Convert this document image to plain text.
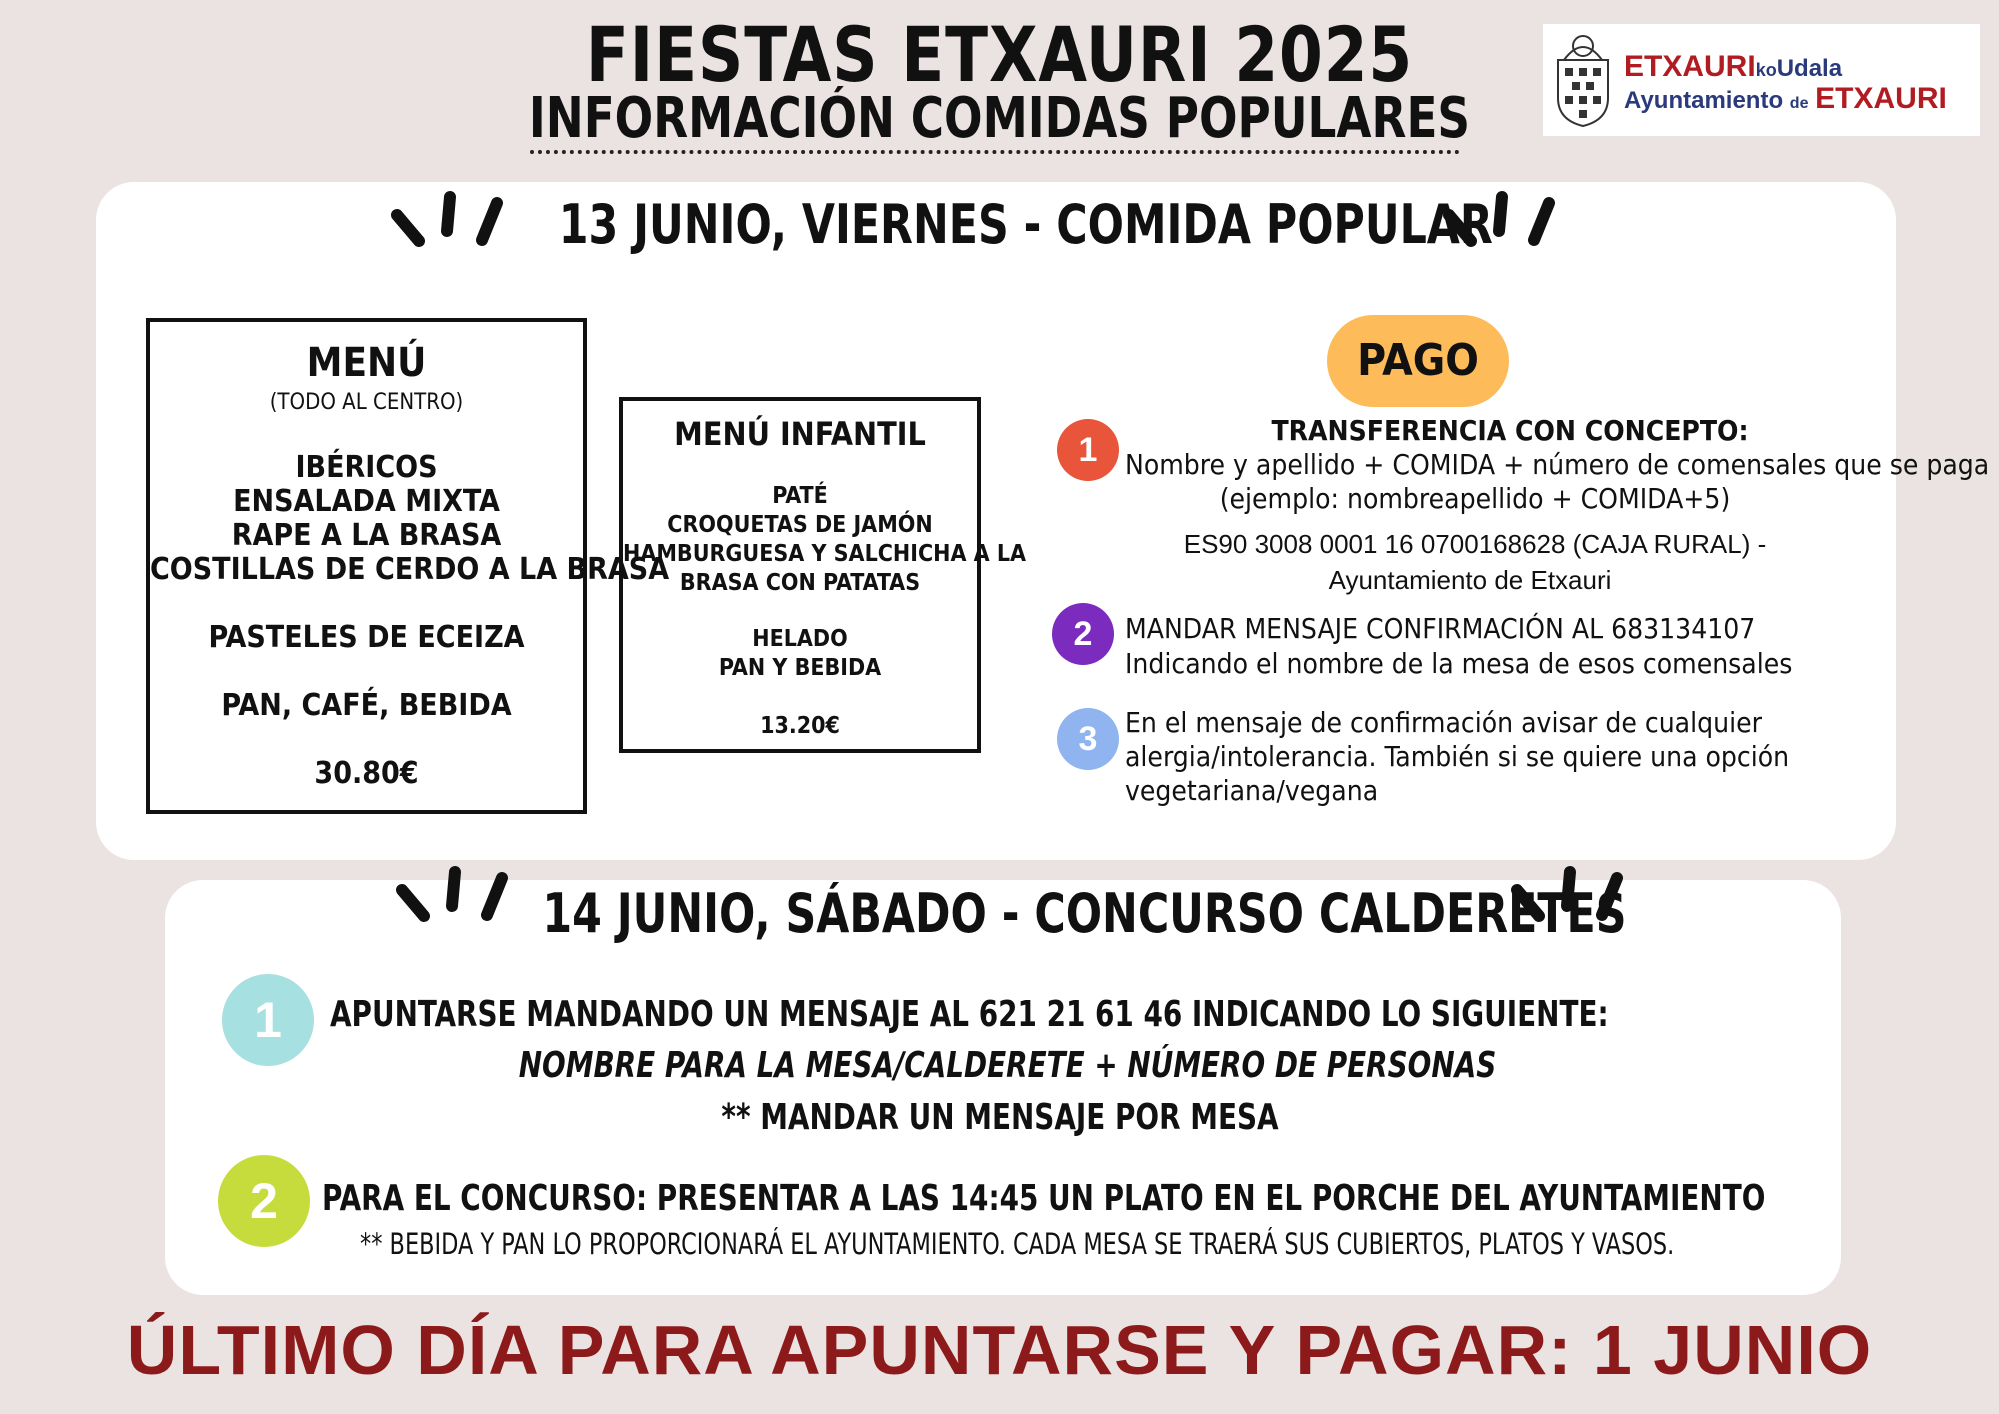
FIESTAS ETXAURI 2025
INFORMACIÓN COMIDAS POPULARES
ETXAURIkoUdala
Ayuntamiento de ETXAURI
13 JUNIO, VIERNES - COMIDA POPULAR
MENÚ
(TODO AL CENTRO)
IBÉRICOS
ENSALADA MIXTA
RAPE A LA BRASA
COSTILLAS DE CERDO A LA BRASA
PASTELES DE ECEIZA
PAN, CAFÉ, BEBIDA
30.80€
MENÚ INFANTIL
PATÉ
CROQUETAS DE JAMÓN
HAMBURGUESA Y SALCHICHA A LA
BRASA CON PATATAS
HELADO
PAN Y BEBIDA
13.20€
PAGO
1
TRANSFERENCIA CON CONCEPTO:
Nombre y apellido + COMIDA + número de comensales que se paga
(ejemplo: nombreapellido + COMIDA+5)
ES90 3008 0001 16 0700168628 (CAJA RURAL) -
Ayuntamiento de Etxauri
2	MANDAR MENSAJE CONFIRMACIÓN AL 683134107
Indicando el nombre de la mesa de esos comensales
3 En el mensaje de confirmación avisar de cualquier
alergia/intolerancia. También si se quiere una opción
vegetariana/vegana
14 JUNIO, SÁBADO - CONCURSO CALDERETES
1	APUNTARSE MANDANDO UN MENSAJE AL 621 21 61 46 INDICANDO LO SIGUIENTE:
NOMBRE PARA LA MESA/CALDERETE + NÚMERO DE PERSONAS
** MANDAR UN MENSAJE POR MESA
2	PARA EL CONCURSO: PRESENTAR A LAS 14:45 UN PLATO EN EL PORCHE DEL AYUNTAMIENTO
** BEBIDA Y PAN LO PROPORCIONARÁ EL AYUNTAMIENTO. CADA MESA SE TRAERÁ SUS CUBIERTOS, PLATOS Y VASOS.
ÚLTIMO DÍA PARA APUNTARSE Y PAGAR: 1 JUNIO
